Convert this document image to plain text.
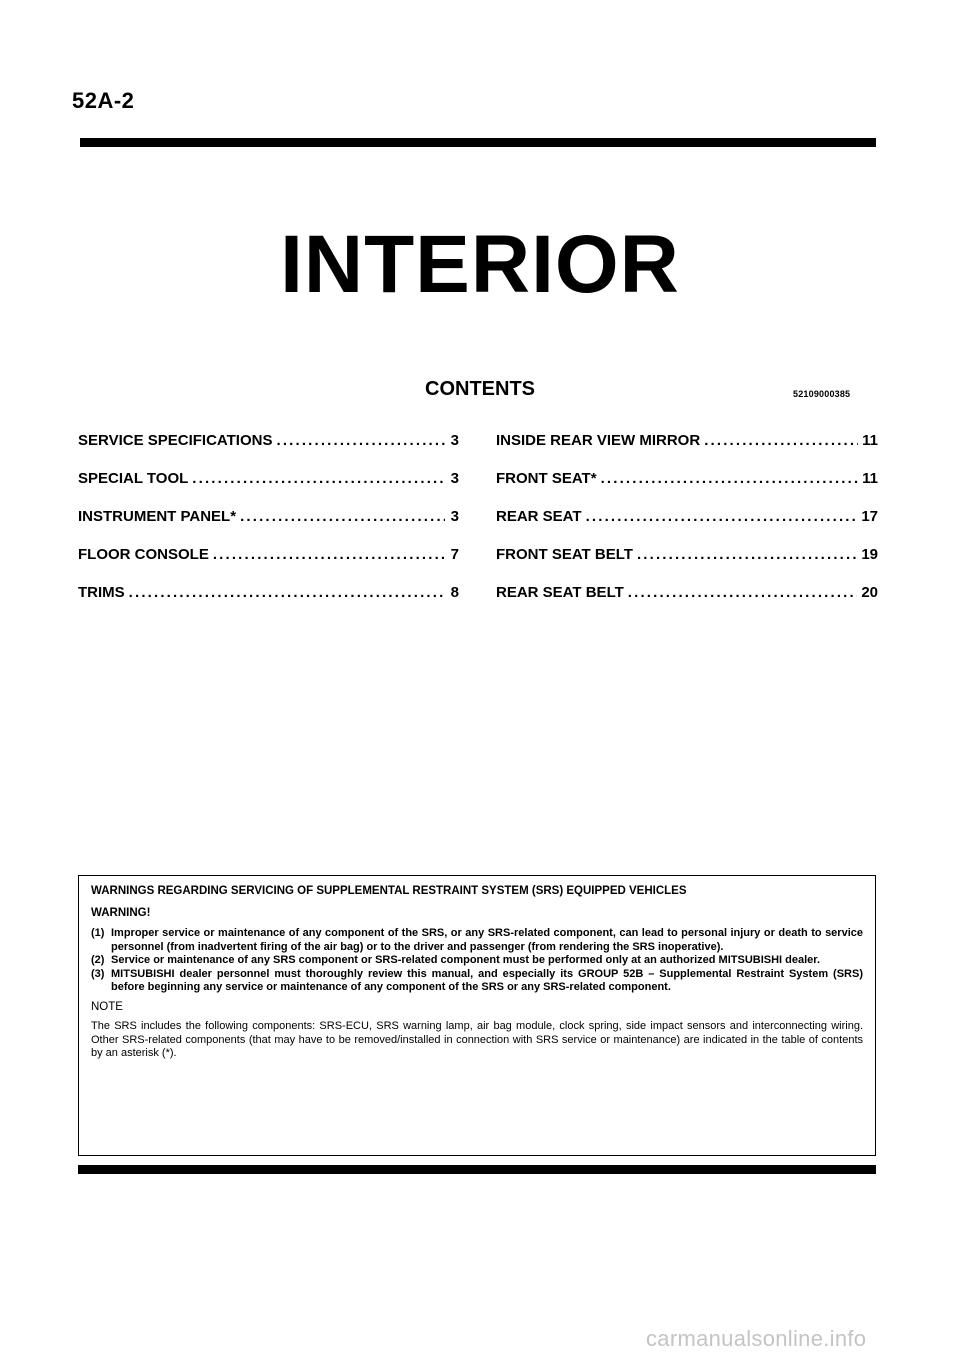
52A-2
INTERIOR
CONTENTS	52109000385
SERVICE SPECIFICATIONS . . .	3
SPECIAL TOOL . . .	3
INSTRUMENT PANEL* . . .	3
FLOOR CONSOLE . . .	7
TRIMS . . .	8
INSIDE REAR VIEW MIRROR . . .	11
FRONT SEAT* . . .	11
REAR SEAT . . .	17
FRONT SEAT BELT . . .	19
REAR SEAT BELT . . .	20
WARNINGS REGARDING SERVICING OF SUPPLEMENTAL RESTRAINT SYSTEM (SRS) EQUIPPED VEHICLES
WARNING!
(1) Improper service or maintenance of any component of the SRS, or any SRS-related component, can lead to personal injury or death to service personnel (from inadvertent firing of the air bag) or to the driver and passenger (from rendering the SRS inoperative).
(2) Service or maintenance of any SRS component or SRS-related component must be performed only at an authorized MITSUBISHI dealer.
(3) MITSUBISHI dealer personnel must thoroughly review this manual, and especially its GROUP 52B – Supplemental Restraint System (SRS) before beginning any service or maintenance of any component of the SRS or any SRS-related component.
NOTE
The SRS includes the following components: SRS-ECU, SRS warning lamp, air bag module, clock spring, side impact sensors and interconnecting wiring. Other SRS-related components (that may have to be removed/installed in connection with SRS service or maintenance) are indicated in the table of contents by an asterisk (*).
carmanualsonline.info
